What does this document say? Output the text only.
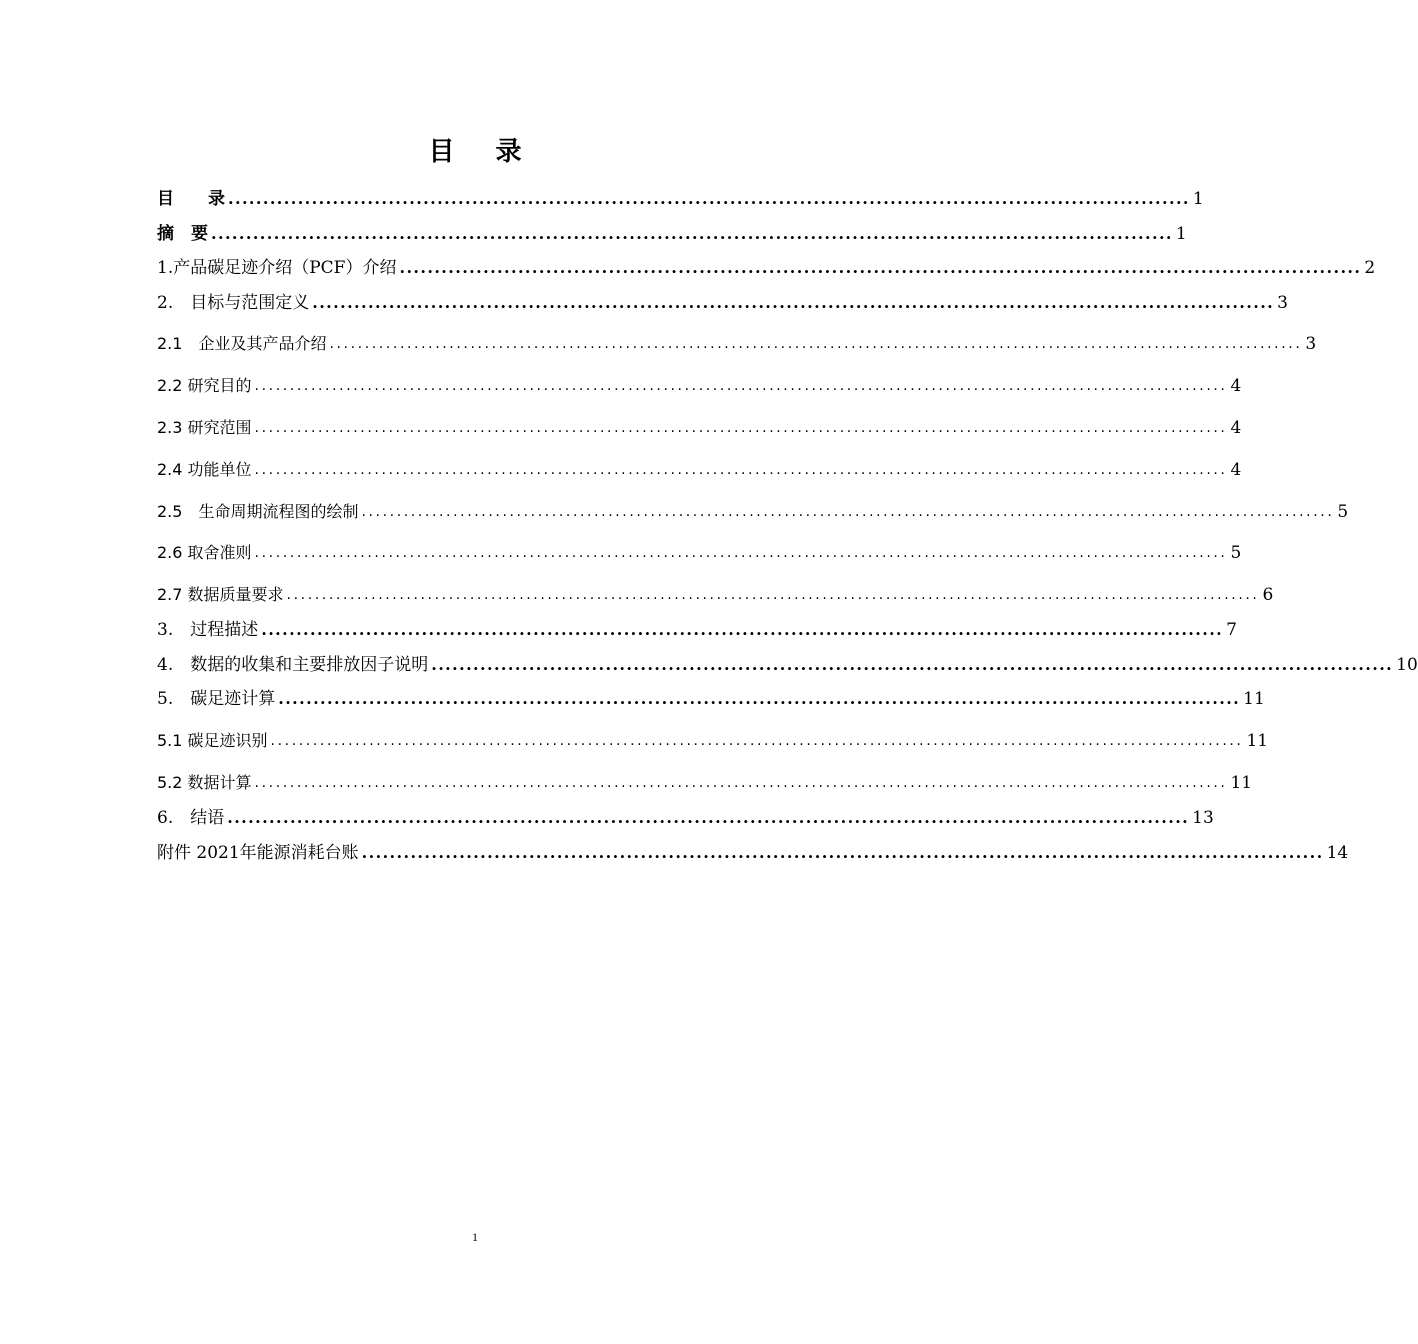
目 录
目　　录 .......................................................................................................................................... 1
摘　要 .......................................................................................................................................... 1
1.产品碳足迹介绍（PCF）介绍 .......................................................................................................................................... 2
2.　目标与范围定义 .......................................................................................................................................... 3
2.1　企业及其产品介绍 .......................................................................................................................................... 3
2.2 研究目的 .......................................................................................................................................... 4
2.3 研究范围 .......................................................................................................................................... 4
2.4 功能单位 .......................................................................................................................................... 4
2.5　生命周期流程图的绘制 .......................................................................................................................................... 5
2.6 取舍准则 .......................................................................................................................................... 5
2.7 数据质量要求 .......................................................................................................................................... 6
3.　过程描述 .......................................................................................................................................... 7
4.　数据的收集和主要排放因子说明 .......................................................................................................................................... 10
5.　碳足迹计算 .......................................................................................................................................... 11
5.1 碳足迹识别 .......................................................................................................................................... 11
5.2 数据计算 .......................................................................................................................................... 11
6.　结语 .......................................................................................................................................... 13
附件 2021年能源消耗台账 .......................................................................................................................................... 14
1
